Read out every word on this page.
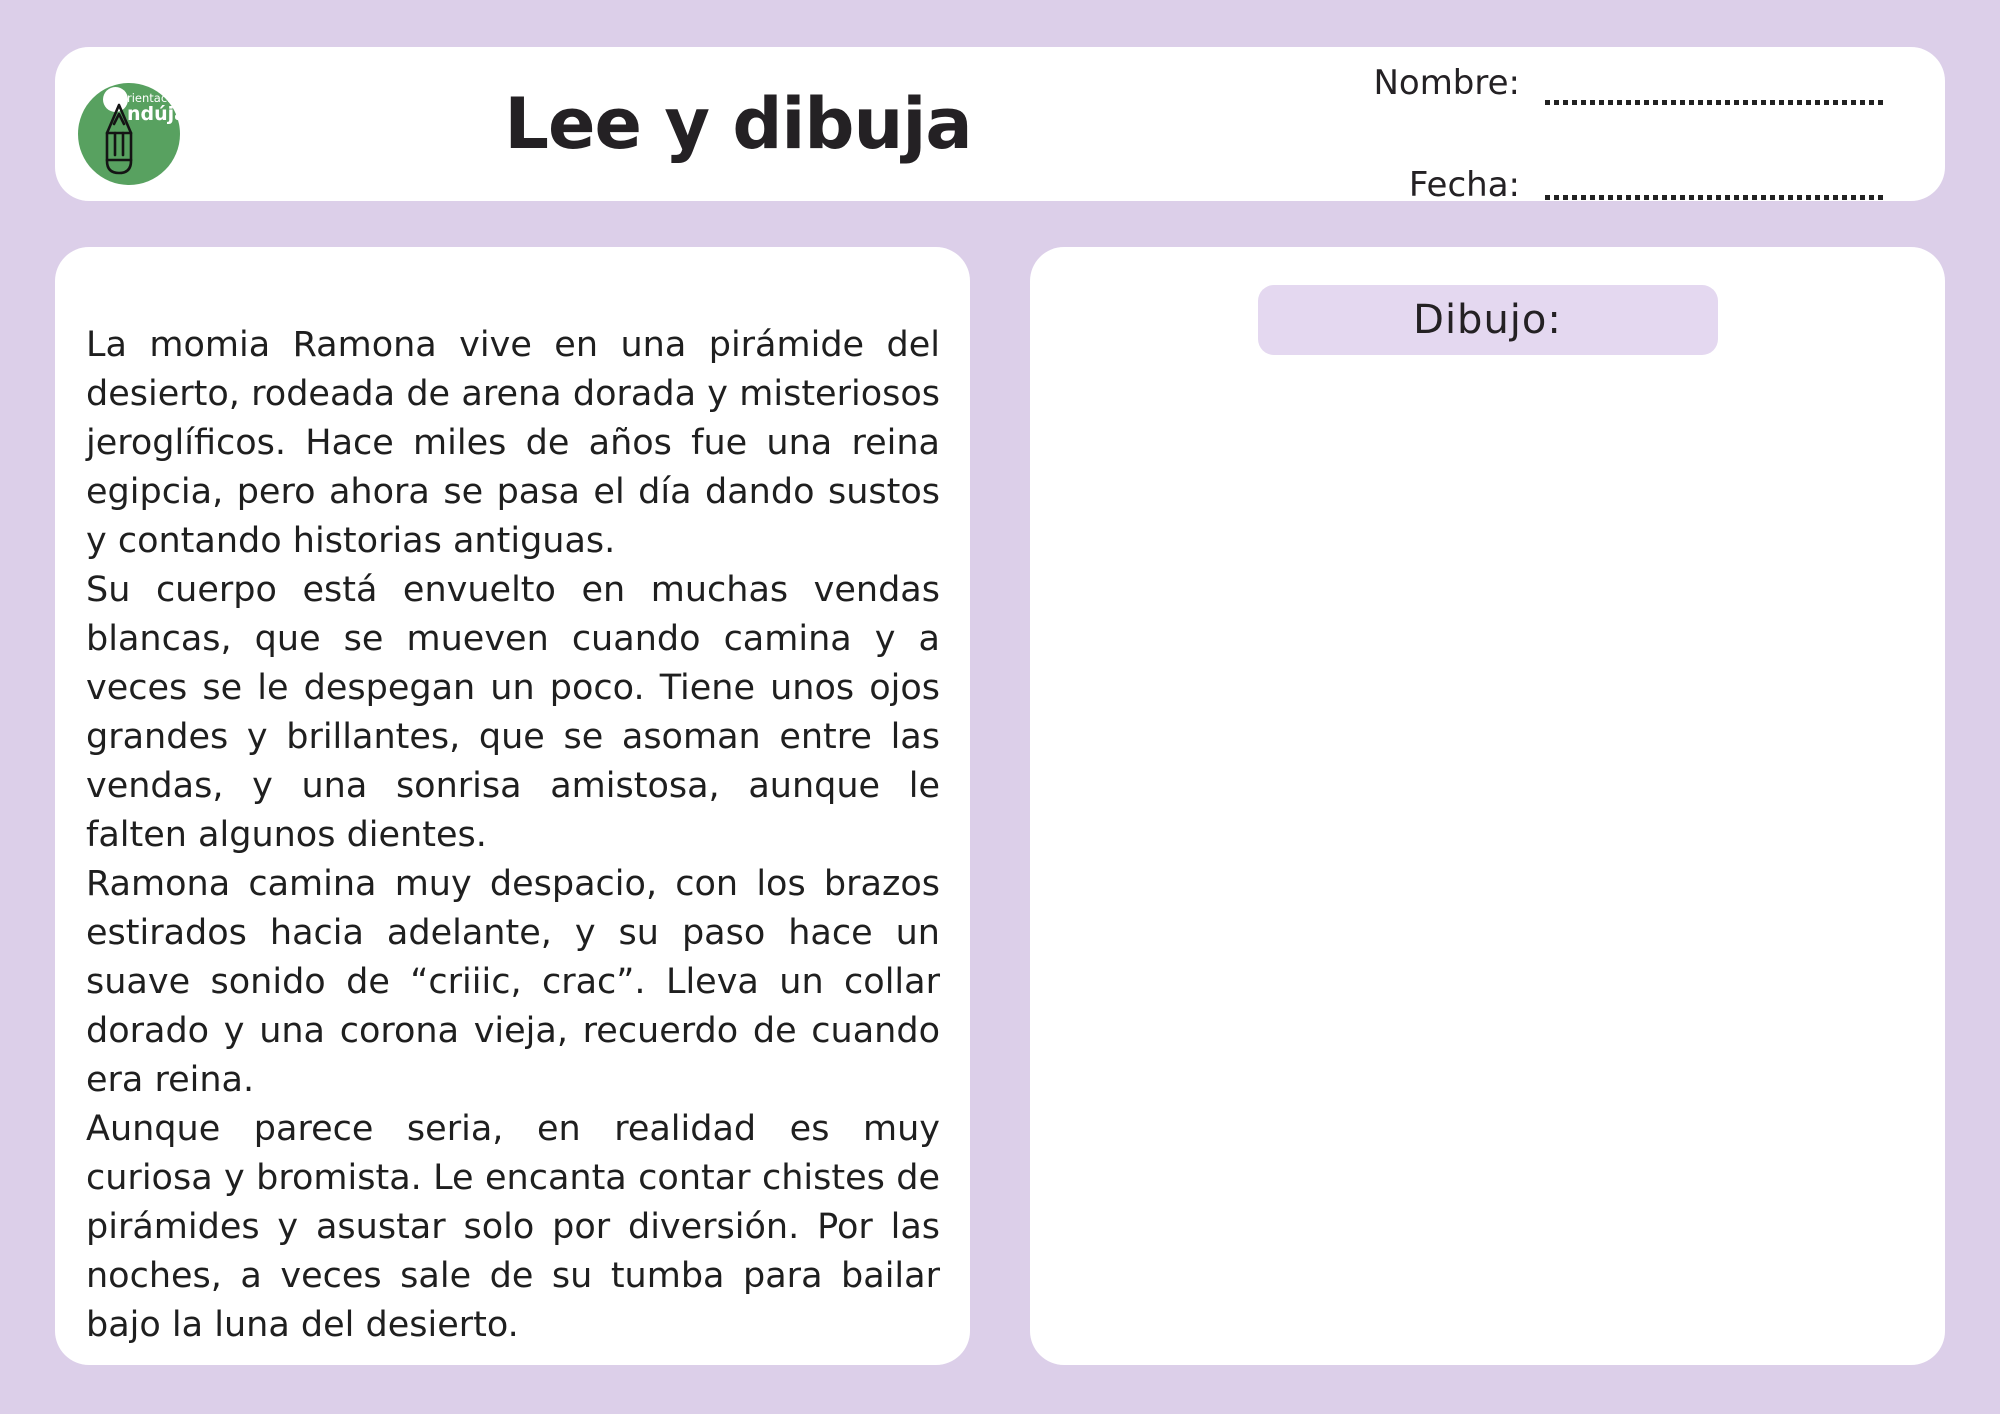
rientación
ndújar	Lee y dibuja	Nombre:
Fecha:

La momia Ramona vive en una pirámide del desierto, rodeada de arena dorada y misteriosos jeroglíficos. Hace miles de años fue una reina egipcia, pero ahora se pasa el día dando sustos y contando historias antiguas.

Su cuerpo está envuelto en muchas vendas blancas, que se mueven cuando camina y a veces se le despegan un poco. Tiene unos ojos grandes y brillantes, que se asoman entre las vendas, y una sonrisa amistosa, aunque le falten algunos dientes.

Ramona camina muy despacio, con los brazos estirados hacia adelante, y su paso hace un suave sonido de “criiic, crac”. Lleva un collar dorado y una corona vieja, recuerdo de cuando era reina.

Aunque parece seria, en realidad es muy curiosa y bromista. Le encanta contar chistes de pirámides y asustar solo por diversión. Por las noches, a veces sale de su tumba para bailar bajo la luna del desierto.

Dibujo:
